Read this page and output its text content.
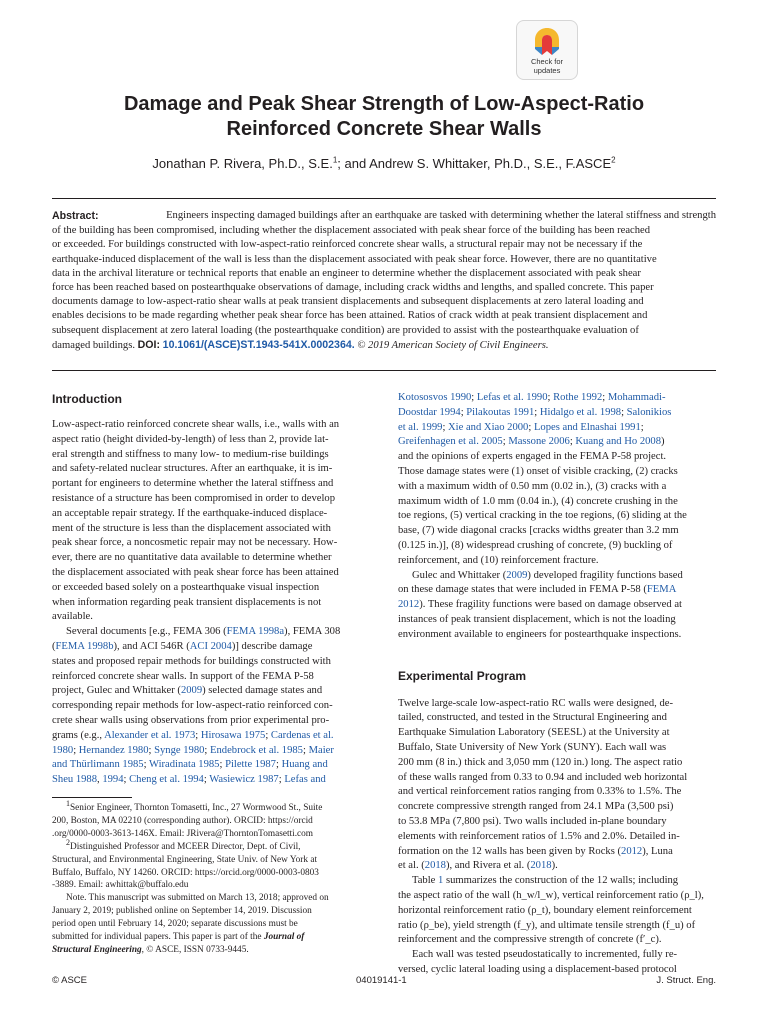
Check for
updates
Damage and Peak Shear Strength of Low-Aspect-Ratio
Reinforced Concrete Shear Walls
Jonathan P. Rivera, Ph.D., S.E.$^1$; and Andrew S. Whittaker, Ph.D., S.E., F.ASCE$^2$
Abstract:	Engineers inspecting damaged buildings after an earthquake are tasked with determining whether the lateral stiffness and strength
of the building has been compromised, including whether the displacement associated with peak shear force of the building has been reached
or exceeded. For buildings constructed with low-aspect-ratio reinforced concrete shear walls, a structural repair may not be necessary if the
earthquake-induced displacement of the wall is less than the displacement associated with peak shear force. However, there are no quantitative
data in the archival literature or technical reports that enable an engineer to determine whether the displacement associated with peak shear
force has been reached based on postearthquake observations of damage, including crack widths and lengths, and spalled concrete. This paper
documents damage to low-aspect-ratio shear walls at peak transient displacements and subsequent displacements at zero lateral loading and
enables decisions to be made regarding whether peak shear force has been attained. Ratios of crack width at peak transient displacement and
subsequent displacement at zero lateral loading (the postearthquake condition) are provided to assist with the postearthquake evaluation of
damaged buildings. DOI: 10.1061/(ASCE)ST.1943-541X.0002364. © 2019 American Society of Civil Engineers.
Introduction
Low-aspect-ratio reinforced concrete shear walls, i.e., walls with an
aspect ratio (height divided-by-length) of less than 2, provide lat-
eral strength and stiffness to many low- to medium-rise buildings
and safety-related nuclear structures. After an earthquake, it is im-
portant for engineers to determine whether the lateral stiffness and
resistance of a structure has been compromised in order to develop
an acceptable repair strategy. If the earthquake-induced displace-
ment of the structure is less than the displacement associated with
peak shear force, a noncosmetic repair may not be necessary. How-
ever, there are no quantitative data available to determine whether
the displacement associated with peak shear force has been attained
or exceeded based solely on a postearthquake visual inspection
when information regarding peak transient displacements is not
available.
Several documents [e.g., FEMA 306 (FEMA 1998a), FEMA 308
(FEMA 1998b), and ACI 546R (ACI 2004)] describe damage
states and proposed repair methods for buildings constructed with
reinforced concrete shear walls. In support of the FEMA P-58
project, Gulec and Whittaker (2009) selected damage states and
corresponding repair methods for low-aspect-ratio reinforced con-
crete shear walls using observations from prior experimental pro-
grams (e.g., Alexander et al. 1973; Hirosawa 1975; Cardenas et al.
1980; Hernandez 1980; Synge 1980; Endebrock et al. 1985; Maier
and Thürlimann 1985; Wiradinata 1985; Pilette 1987; Huang and
Sheu 1988, 1994; Cheng et al. 1994; Wasiewicz 1987; Lefas and
$^1$Senior Engineer, Thornton Tomasetti, Inc., 27 Wormwood St., Suite
200, Boston, MA 02210 (corresponding author). ORCID: https://orcid
.org/0000-0003-3613-146X. Email: JRivera@ThorntonTomasetti.com
$^2$Distinguished Professor and MCEER Director, Dept. of Civil,
Structural, and Environmental Engineering, State Univ. of New York at
Buffalo, Buffalo, NY 14260. ORCID: https://orcid.org/0000-0003-0803
-3889. Email: awhittak@buffalo.edu
Note. This manuscript was submitted on March 13, 2018; approved on
January 2, 2019; published online on September 14, 2019. Discussion
period open until February 14, 2020; separate discussions must be
submitted for individual papers. This paper is part of the Journal of
Structural Engineering, © ASCE, ISSN 0733-9445.
Kotososvos 1990; Lefas et al. 1990; Rothe 1992; Mohammadi-
Doostdar 1994; Pilakoutas 1991; Hidalgo et al. 1998; Salonikios
et al. 1999; Xie and Xiao 2000; Lopes and Elnashai 1991;
Greifenhagen et al. 2005; Massone 2006; Kuang and Ho 2008)
and the opinions of experts engaged in the FEMA P-58 project.
Those damage states were (1) onset of visible cracking, (2) cracks
with a maximum width of 0.50 mm (0.02 in.), (3) cracks with a
maximum width of 1.0 mm (0.04 in.), (4) concrete crushing in the
toe regions, (5) vertical cracking in the toe regions, (6) sliding at the
base, (7) wide diagonal cracks [cracks widths greater than 3.2 mm
(0.125 in.)], (8) widespread crushing of concrete, (9) buckling of
reinforcement, and (10) reinforcement fracture.
Gulec and Whittaker (2009) developed fragility functions based
on these damage states that were included in FEMA P-58 (FEMA
2012). These fragility functions were based on damage observed at
instances of peak transient displacement, which is not the loading
environment available to engineers for postearthquake inspections.
Experimental Program
Twelve large-scale low-aspect-ratio RC walls were designed, de-
tailed, constructed, and tested in the Structural Engineering and
Earthquake Simulation Laboratory (SEESL) at the University at
Buffalo, State University of New York (SUNY). Each wall was
200 mm (8 in.) thick and 3,050 mm (120 in.) long. The aspect ratio
of these walls ranged from 0.33 to 0.94 and included web horizontal
and vertical reinforcement ratios ranging from 0.33% to 1.5%. The
concrete compressive strength ranged from 24.1 MPa (3,500 psi)
to 53.8 MPa (7,800 psi). Two walls included in-plane boundary
elements with reinforcement ratios of 1.5% and 2.0%. Detailed in-
formation on the 12 walls has been given by Rocks (2012), Luna
et al. (2018), and Rivera et al. (2018).
Table 1 summarizes the construction of the 12 walls; including
the aspect ratio of the wall (h_w/l_w), vertical reinforcement ratio (ρ_l),
horizontal reinforcement ratio (ρ_t), boundary element reinforcement
ratio (ρ_be), yield strength (f_y), and ultimate tensile strength (f_u) of
reinforcement and the compressive strength of concrete (f′_c).
Each wall was tested pseudostatically to incremented, fully re-
versed, cyclic lateral loading using a displacement-based protocol
© ASCE	04019141-1	J. Struct. Eng.
